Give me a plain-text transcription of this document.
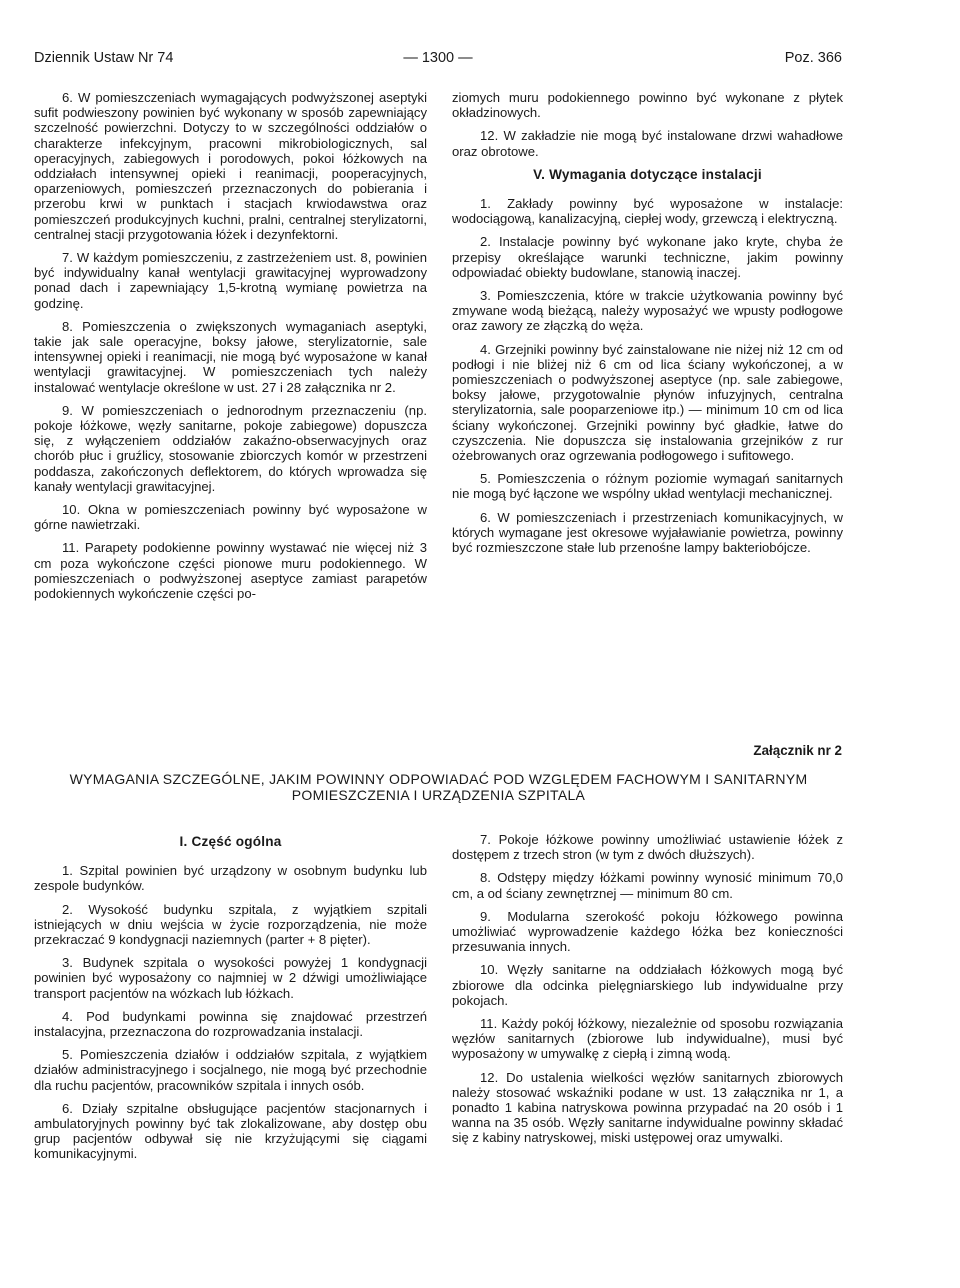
Dziennik Ustaw Nr 74	— 1300 —	Poz. 366

6. W pomieszczeniach wymagających podwyższonej aseptyki sufit podwieszony powinien być wykonany w sposób zapewniający szczelność powierzchni. Dotyczy to w szczególności oddziałów o charakterze infekcyjnym, pracowni mikrobiologicznych, sal operacyjnych, zabiegowych i porodowych, pokoi łóżkowych na oddziałach intensywnej opieki i reanimacji, pooperacyjnych, oparzeniowych, pomieszczeń przeznaczonych do pobierania i przerobu krwi w punktach i stacjach krwiodawstwa oraz pomieszczeń produkcyjnych kuchni, pralni, centralnej sterylizatorni, centralnej stacji przygotowania łóżek i dezynfektorni.

7. W każdym pomieszczeniu, z zastrzeżeniem ust. 8, powinien być indywidualny kanał wentylacji grawitacyjnej wyprowadzony ponad dach i zapewniający 1,5-krotną wymianę powietrza na godzinę.

8. Pomieszczenia o zwiększonych wymaganiach aseptyki, takie jak sale operacyjne, boksy jałowe, sterylizatornie, sale intensywnej opieki i reanimacji, nie mogą być wyposażone w kanał wentylacji grawitacyjnej. W pomieszczeniach tych należy instalować wentylacje określone w ust. 27 i 28 załącznika nr 2.

9. W pomieszczeniach o jednorodnym przeznaczeniu (np. pokoje łóżkowe, węzły sanitarne, pokoje zabiegowe) dopuszcza się, z wyłączeniem oddziałów zakaźno-obserwacyjnych oraz chorób płuc i gruźlicy, stosowanie zbiorczych komór w przestrzeni poddasza, zakończonych deflektorem, do których wprowadza się kanały wentylacji grawitacyjnej.

10. Okna w pomieszczeniach powinny być wyposażone w górne nawietrzaki.

11. Parapety podokienne powinny wystawać nie więcej niż 3 cm poza wykończone części pionowe muru podokiennego. W pomieszczeniach o podwyższonej aseptyce zamiast parapetów podokiennych wykończenie części po-

ziomych muru podokiennego powinno być wykonane z płytek okładzinowych.

12. W zakładzie nie mogą być instalowane drzwi wahadłowe oraz obrotowe.

V. Wymagania dotyczące instalacji

1. Zakłady powinny być wyposażone w instalacje: wodociągową, kanalizacyjną, ciepłej wody, grzewczą i elektryczną.

2. Instalacje powinny być wykonane jako kryte, chyba że przepisy określające warunki techniczne, jakim powinny odpowiadać obiekty budowlane, stanowią inaczej.

3. Pomieszczenia, które w trakcie użytkowania powinny być zmywane wodą bieżącą, należy wyposażyć we wpusty podłogowe oraz zawory ze złączką do węża.

4. Grzejniki powinny być zainstalowane nie niżej niż 12 cm od podłogi i nie bliżej niż 6 cm od lica ściany wykończonej, a w pomieszczeniach o podwyższonej aseptyce (np. sale zabiegowe, boksy jałowe, przygotowalnie płynów infuzyjnych, centralna sterylizatornia, sale pooparzeniowe itp.) — minimum 10 cm od lica ściany wykończonej. Grzejniki powinny być gładkie, łatwe do czyszczenia. Nie dopuszcza się instalowania grzejników z rur ożebrowanych oraz ogrzewania podłogowego i sufitowego.

5. Pomieszczenia o różnym poziomie wymagań sanitarnych nie mogą być łączone we wspólny układ wentylacji mechanicznej.

6. W pomieszczeniach i przestrzeniach komunikacyjnych, w których wymagane jest okresowe wyjaławianie powietrza, powinny być rozmieszczone stałe lub przenośne lampy bakteriobójcze.

Załącznik nr 2
WYMAGANIA SZCZEGÓLNE, JAKIM POWINNY ODPOWIADAĆ POD WZGLĘDEM FACHOWYM I SANITARNYM
POMIESZCZENIA I URZĄDZENIA SZPITALA
I. Część ogólna

1. Szpital powinien być urządzony w osobnym budynku lub zespole budynków.

2. Wysokość budynku szpitala, z wyjątkiem szpitali istniejących w dniu wejścia w życie rozporządzenia, nie może przekraczać 9 kondygnacji naziemnych (parter + 8 pięter).

3. Budynek szpitala o wysokości powyżej 1 kondygnacji powinien być wyposażony co najmniej w 2 dźwigi umożliwiające transport pacjentów na wózkach lub łóżkach.

4. Pod budynkami powinna się znajdować przestrzeń instalacyjna, przeznaczona do rozprowadzania instalacji.

5. Pomieszczenia działów i oddziałów szpitala, z wyjątkiem działów administracyjnego i socjalnego, nie mogą być przechodnie dla ruchu pacjentów, pracowników szpitala i innych osób.

6. Działy szpitalne obsługujące pacjentów stacjonarnych i ambulatoryjnych powinny być tak zlokalizowane, aby dostęp obu grup pacjentów odbywał się nie krzyżującymi się ciągami komunikacyjnymi.

7. Pokoje łóżkowe powinny umożliwiać ustawienie łóżek z dostępem z trzech stron (w tym z dwóch dłuższych).

8. Odstępy między łóżkami powinny wynosić minimum 70,0 cm, a od ściany zewnętrznej — minimum 80 cm.

9. Modularna szerokość pokoju łóżkowego powinna umożliwiać wyprowadzenie każdego łóżka bez konieczności przesuwania innych.

10. Węzły sanitarne na oddziałach łóżkowych mogą być zbiorowe dla odcinka pielęgniarskiego lub indywidualne przy pokojach.

11. Każdy pokój łóżkowy, niezależnie od sposobu rozwiązania węzłów sanitarnych (zbiorowe lub indywidualne), musi być wyposażony w umywalkę z ciepłą i zimną wodą.

12. Do ustalenia wielkości węzłów sanitarnych zbiorowych należy stosować wskaźniki podane w ust. 13 załącznika nr 1, a ponadto 1 kabina natryskowa powinna przypadać na 20 osób i 1 wanna na 35 osób. Węzły sanitarne indywidualne powinny składać się z kabiny natryskowej, miski ustępowej oraz umywalki.
